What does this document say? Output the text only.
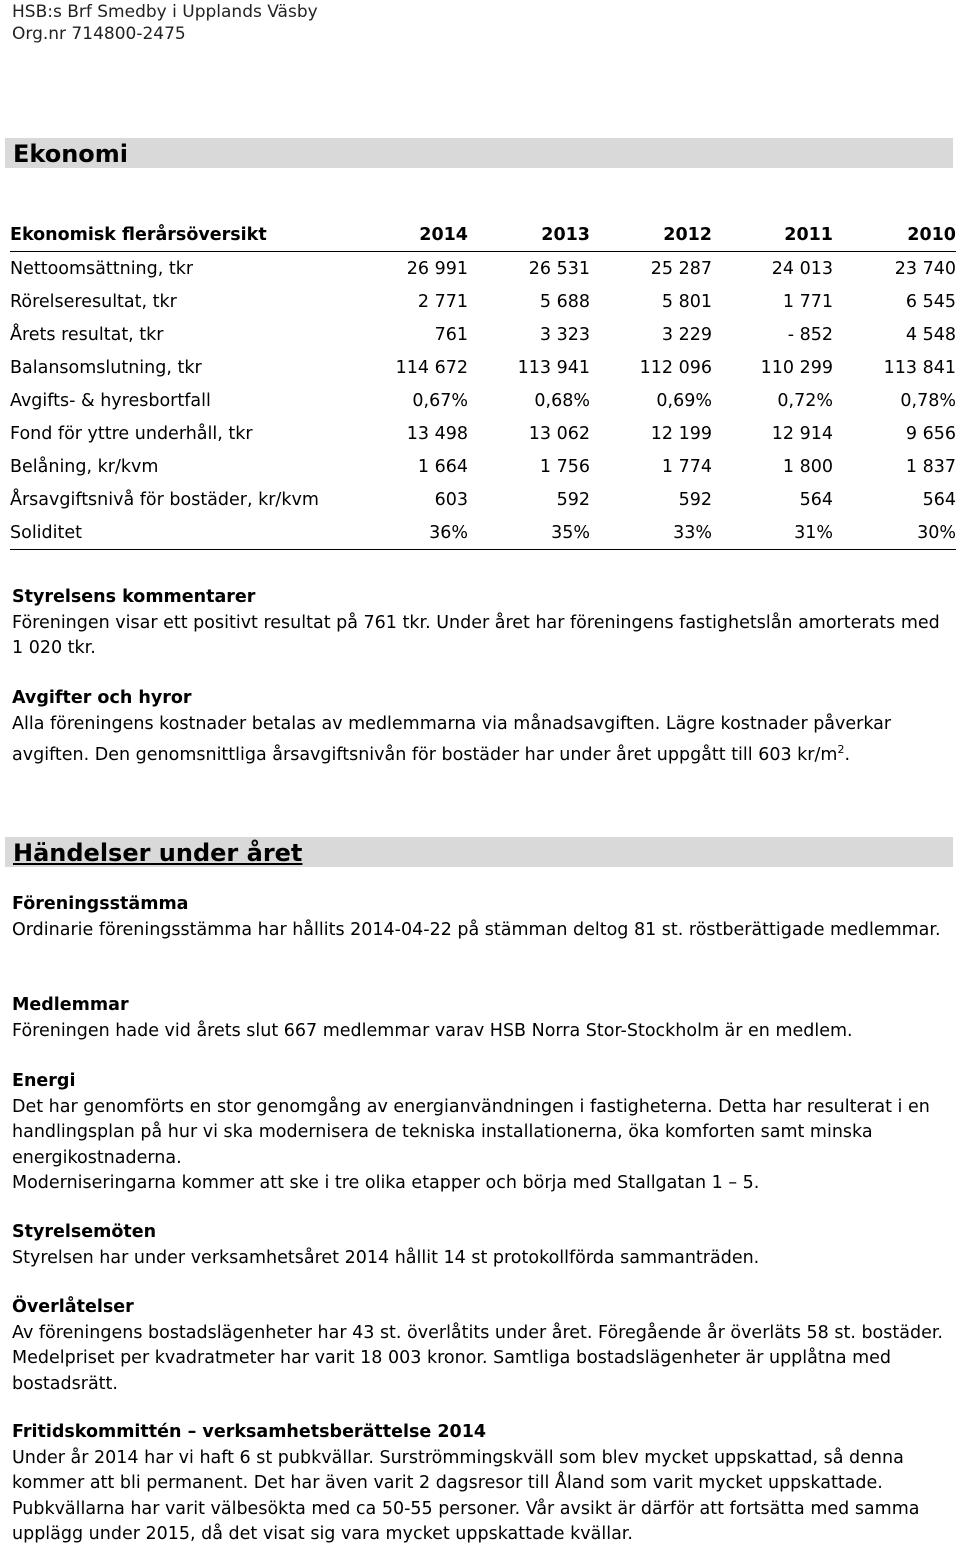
HSB:s Brf Smedby i Upplands Väsby
Org.nr 714800-2475
Ekonomi
Ekonomisk flerårsöversikt	2014	2013	2012	2011	2010
Nettoomsättning, tkr	26 991	26 531	25 287	24 013	23 740
Rörelseresultat, tkr	2 771	5 688	5 801	1 771	6 545
Årets resultat, tkr	761	3 323	3 229	- 852	4 548
Balansomslutning, tkr	114 672	113 941	112 096	110 299	113 841
Avgifts- & hyresbortfall	0,67%	0,68%	0,69%	0,72%	0,78%
Fond för yttre underhåll, tkr	13 498	13 062	12 199	12 914	9 656
Belåning, kr/kvm	1 664	1 756	1 774	1 800	1 837
Årsavgiftsnivå för bostäder, kr/kvm	603	592	592	564	564
Soliditet	36%	35%	33%	31%	30%
Styrelsens kommentarer

Föreningen visar ett positivt resultat på 761 tkr. Under året har föreningens fastighetslån amorterats med 1 020 tkr.

Avgifter och hyror

Alla föreningens kostnader betalas av medlemmarna via månadsavgiften. Lägre kostnader påverkar avgiften. Den genomsnittliga årsavgiftsnivån för bostäder har under året uppgått till 603 $kr/m^2$.

Händelser under året
Föreningsstämma

Ordinarie föreningsstämma har hållits 2014-04-22 på stämman deltog 81 st. röstberättigade medlemmar.

Medlemmar

Föreningen hade vid årets slut 667 medlemmar varav HSB Norra Stor-Stockholm är en medlem.

Energi

Det har genomförts en stor genomgång av energianvändningen i fastigheterna. Detta har resulterat i en handlingsplan på hur vi ska modernisera de tekniska installationerna, öka komforten samt minska energikostnaderna.

Moderniseringarna kommer att ske i tre olika etapper och börja med Stallgatan 1 – 5.

Styrelsemöten

Styrelsen har under verksamhetsåret 2014 hållit 14 st protokollförda sammanträden.

Överlåtelser

Av föreningens bostadslägenheter har 43 st. överlåtits under året. Föregående år överläts 58 st. bostäder. Medelpriset per kvadratmeter har varit 18 003 kronor. Samtliga bostadslägenheter är upplåtna med bostadsrätt.

Fritidskommittén – verksamhetsberättelse 2014

Under år 2014 har vi haft 6 st pubkvällar. Surströmmingskväll som blev mycket uppskattad, så denna kommer att bli permanent. Det har även varit 2 dagsresor till Åland som varit mycket uppskattade. Pubkvällarna har varit välbesökta med ca 50-55 personer. Vår avsikt är därför att fortsätta med samma upplägg under 2015, då det visat sig vara mycket uppskattade kvällar.
